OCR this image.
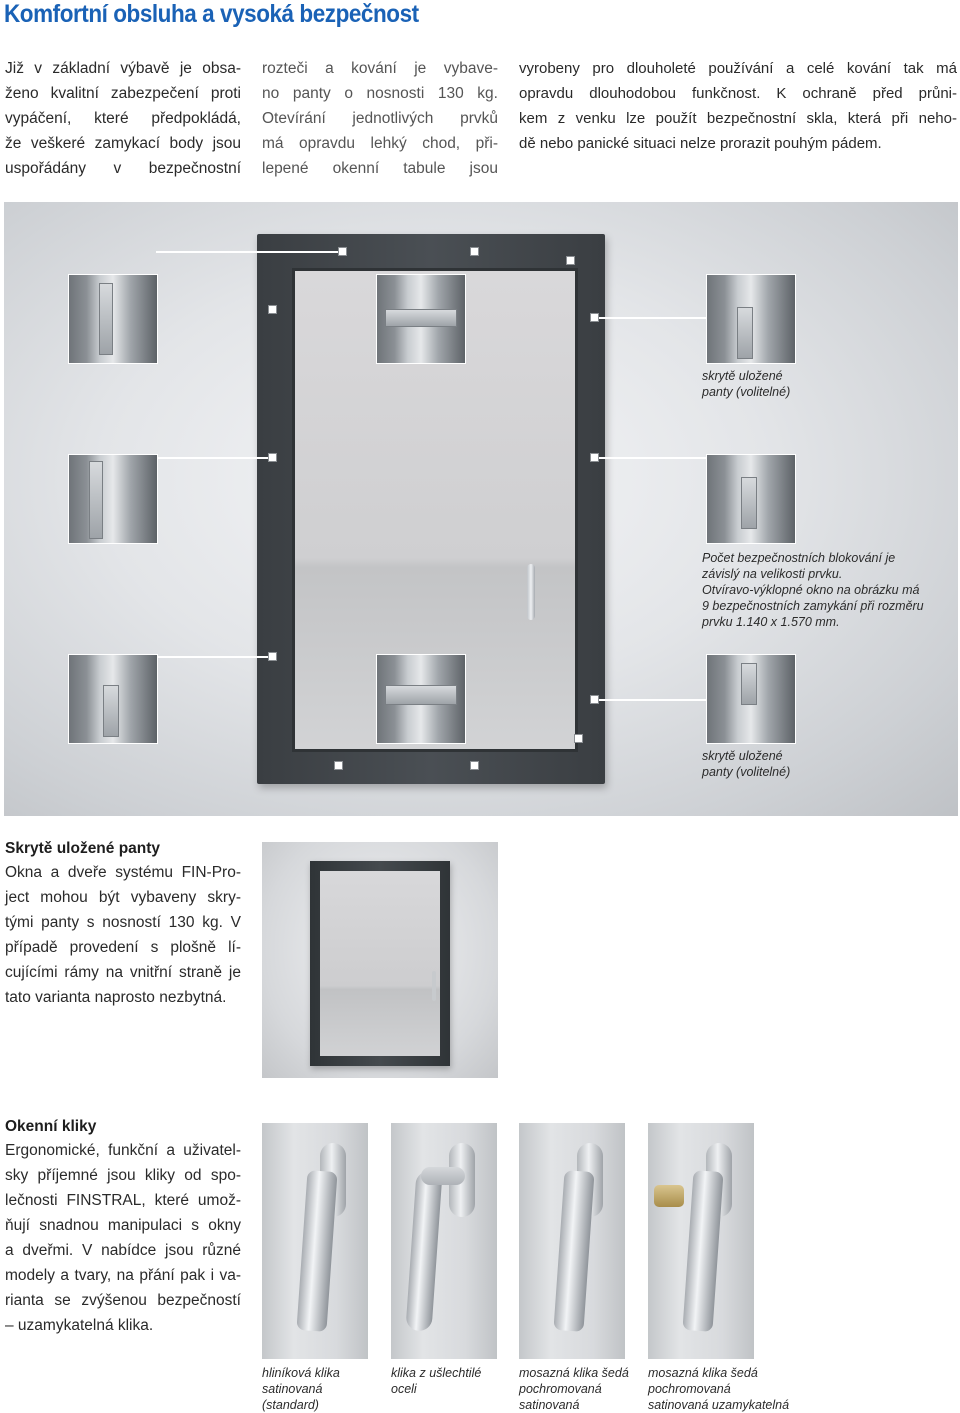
Komfortní obsluha a vysoká bezpečnost

Již v základní výbavě je obsa-
ženo kvalitní zabezpečení proti
vypáčení, které předpokládá,
že veškeré zamykací body jsou
uspořádány v bezpečnostní

rozteči a kování je vybave-
no panty o nosnosti 130 kg.
Otevírání jednotlivých prvků
má opravdu lehký chod, při-
lepené okenní tabule jsou

vyrobeny pro dlouholeté používání a celé kování tak má
opravdu dlouhodobou funkčnost. K ochraně před průni-
kem z venku lze použít bezpečnostní skla, která při neho-
dě nebo panické situaci nelze prorazit pouhým pádem.

skrytě uložené
panty (volitelné)
Počet bezpečnostních blokování je
závislý na velikosti prvku.
Otvíravo-výklopné okno na obrázku má
9 bezpečnostních zamykání při rozměru
prvku 1.140 x 1.570 mm.
skrytě uložené
panty (volitelné)

Skrytě uložené panty

Okna a dveře systému FIN-Pro-
ject mohou být vybaveny skry-
tými panty s nosností 130 kg. V
případě provedení s plošně lí-
cujícími rámy na vnitřní straně je
tato varianta naprosto nezbytná.

Okenní kliky

Ergonomické, funkční a uživatel-
sky příjemné jsou kliky od spo-
lečnosti FINSTRAL, které umož-
ňují snadnou manipulaci s okny
a dveřmi. V nabídce jsou různé
modely a tvary, na přání pak i va-
rianta se zvýšenou bezpečností
– uzamykatelná klika.

hliníková klika
satinovaná
(standard)
klika z ušlechtilé
oceli
mosazná klika šedá
pochromovaná
satinovaná
mosazná klika šedá
pochromovaná
satinovaná uzamykatelná
